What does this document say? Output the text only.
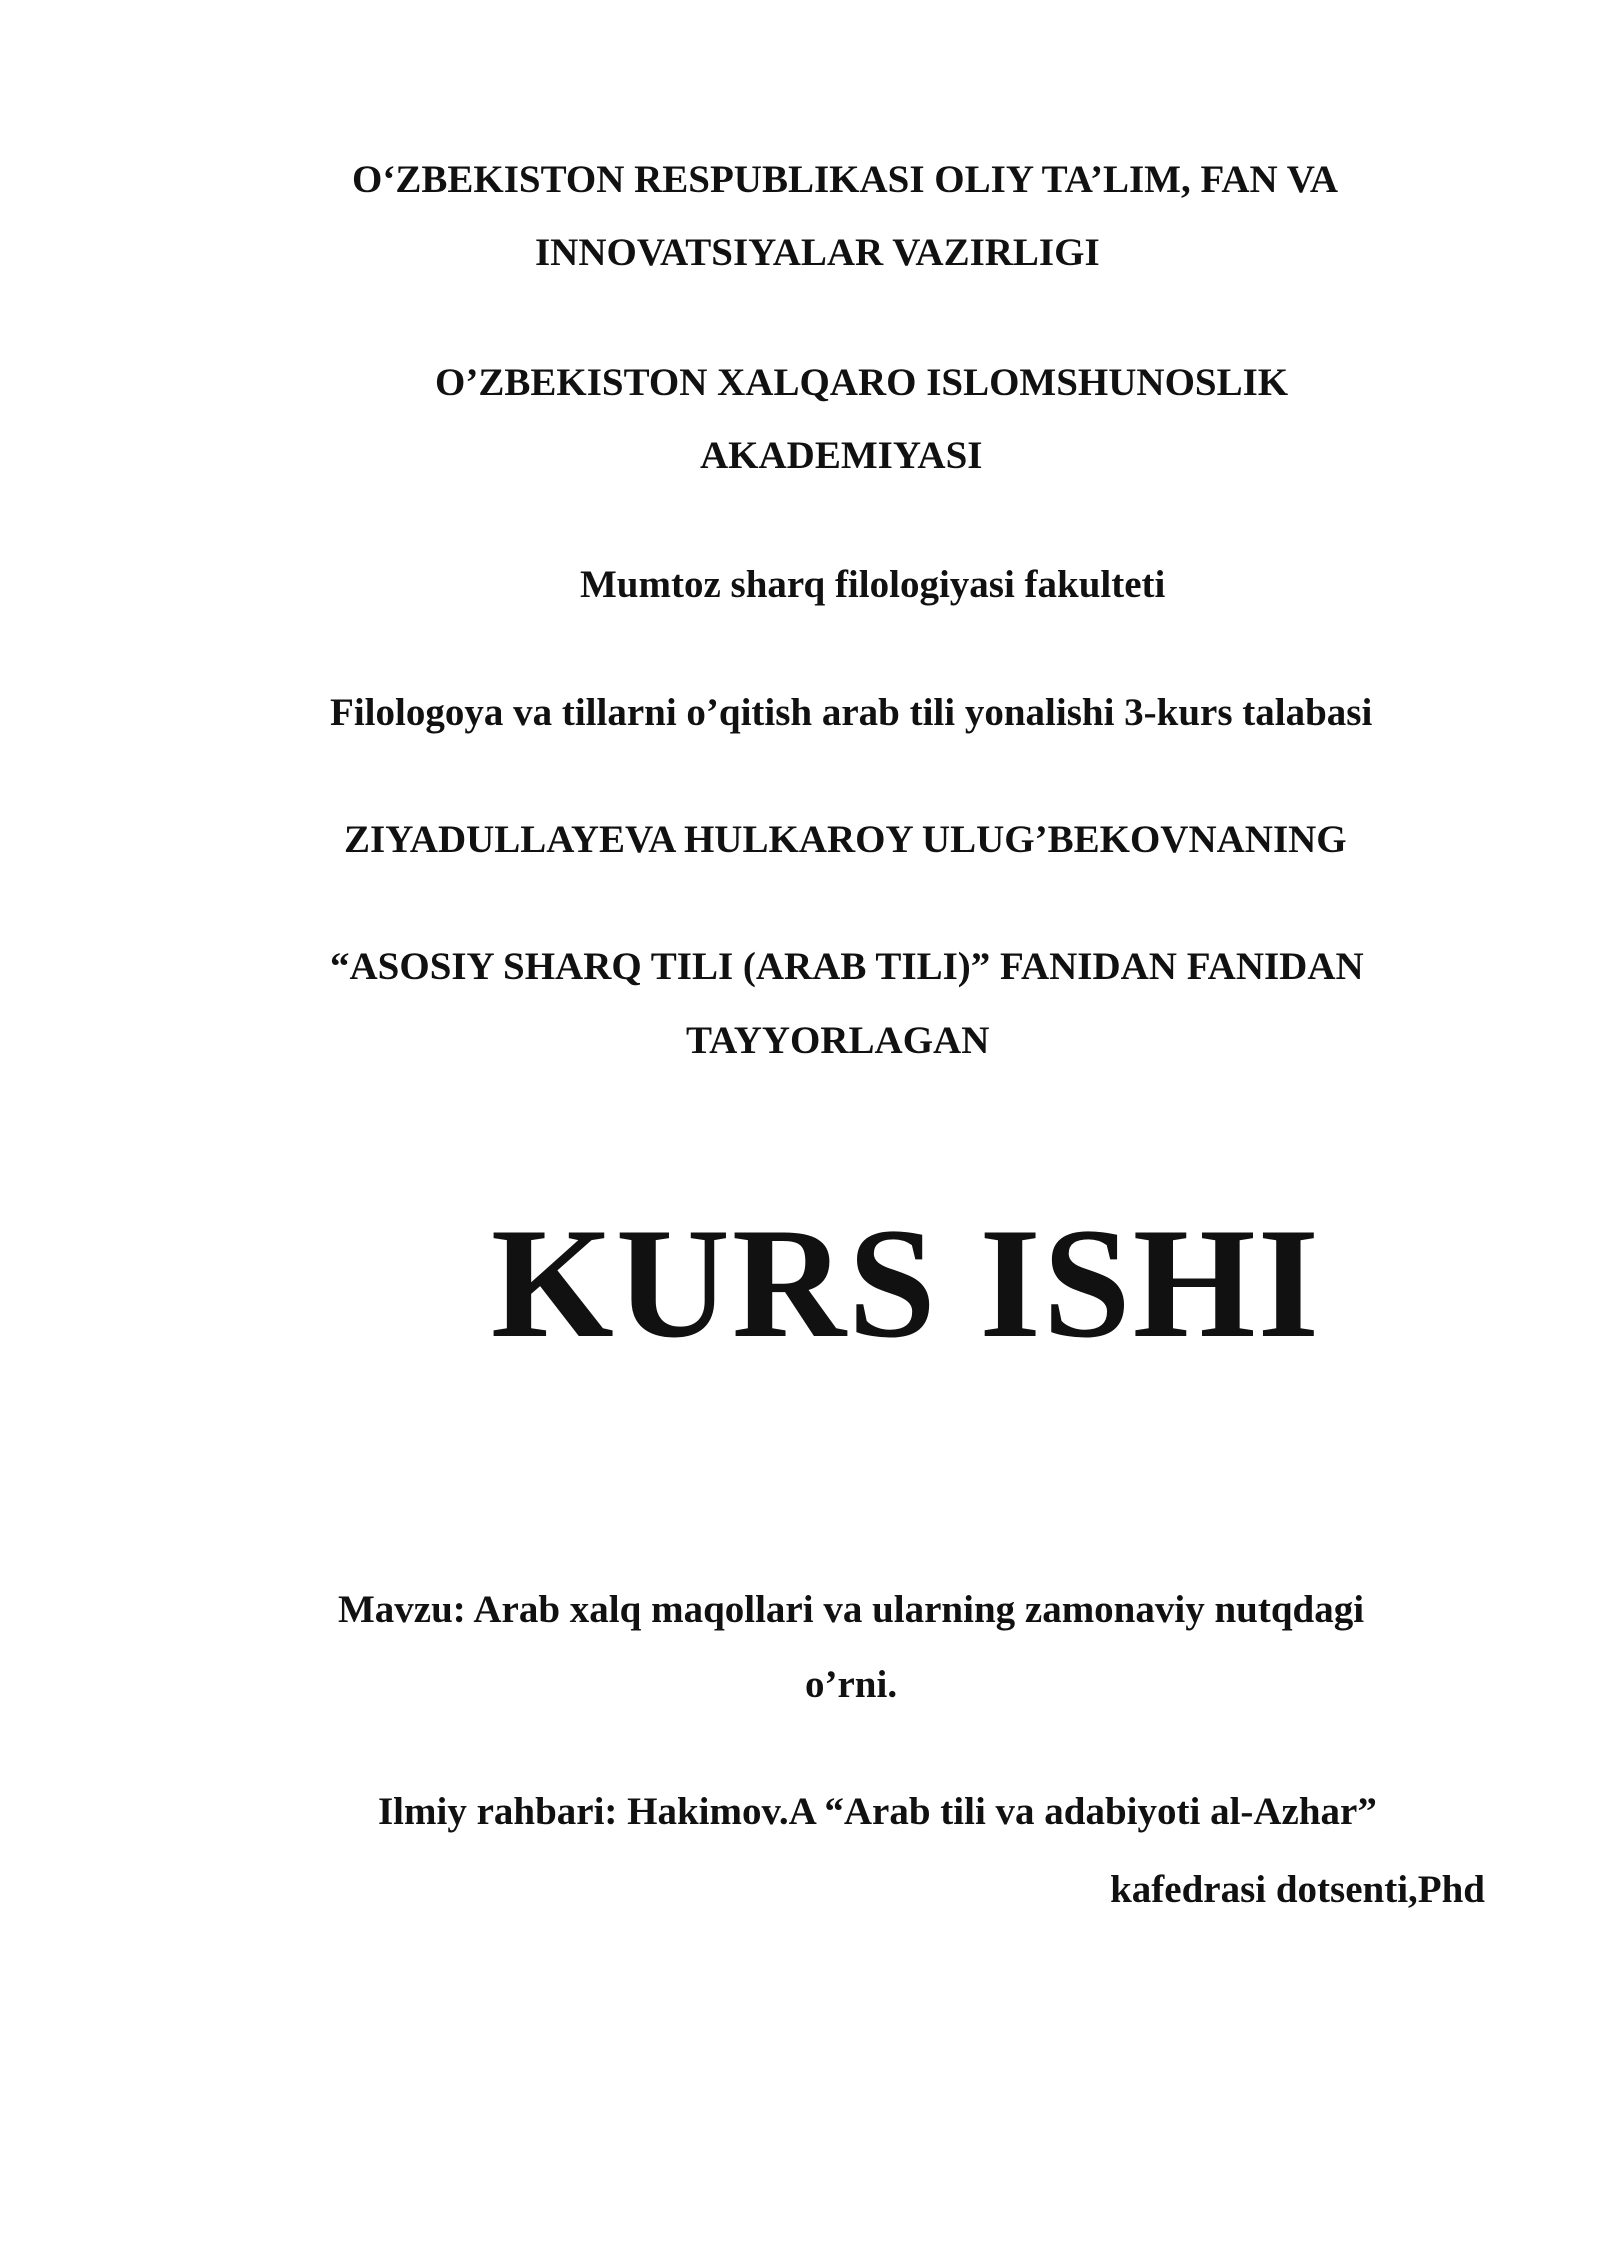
O‘ZBEKISTON RESPUBLIKASI OLIY TA’LIM, FAN VA

INNOVATSIYALAR VAZIRLIGI

O’ZBEKISTON XALQARO ISLOMSHUNOSLIK

AKADEMIYASI

Mumtoz sharq filologiyasi fakulteti

Filologoya va tillarni o’qitish arab tili yonalishi 3-kurs talabasi

ZIYADULLAYEVA HULKAROY ULUG’BEKOVNANING

“ASOSIY SHARQ TILI (ARAB TILI)” FANIDAN FANIDAN

TAYYORLAGAN

KURS ISHI

Mavzu: Arab xalq maqollari va ularning zamonaviy nutqdagi

o’rni.

Ilmiy rahbari: Hakimov.A “Arab tili va adabiyoti al-Azhar”

kafedrasi dotsenti,Phd
